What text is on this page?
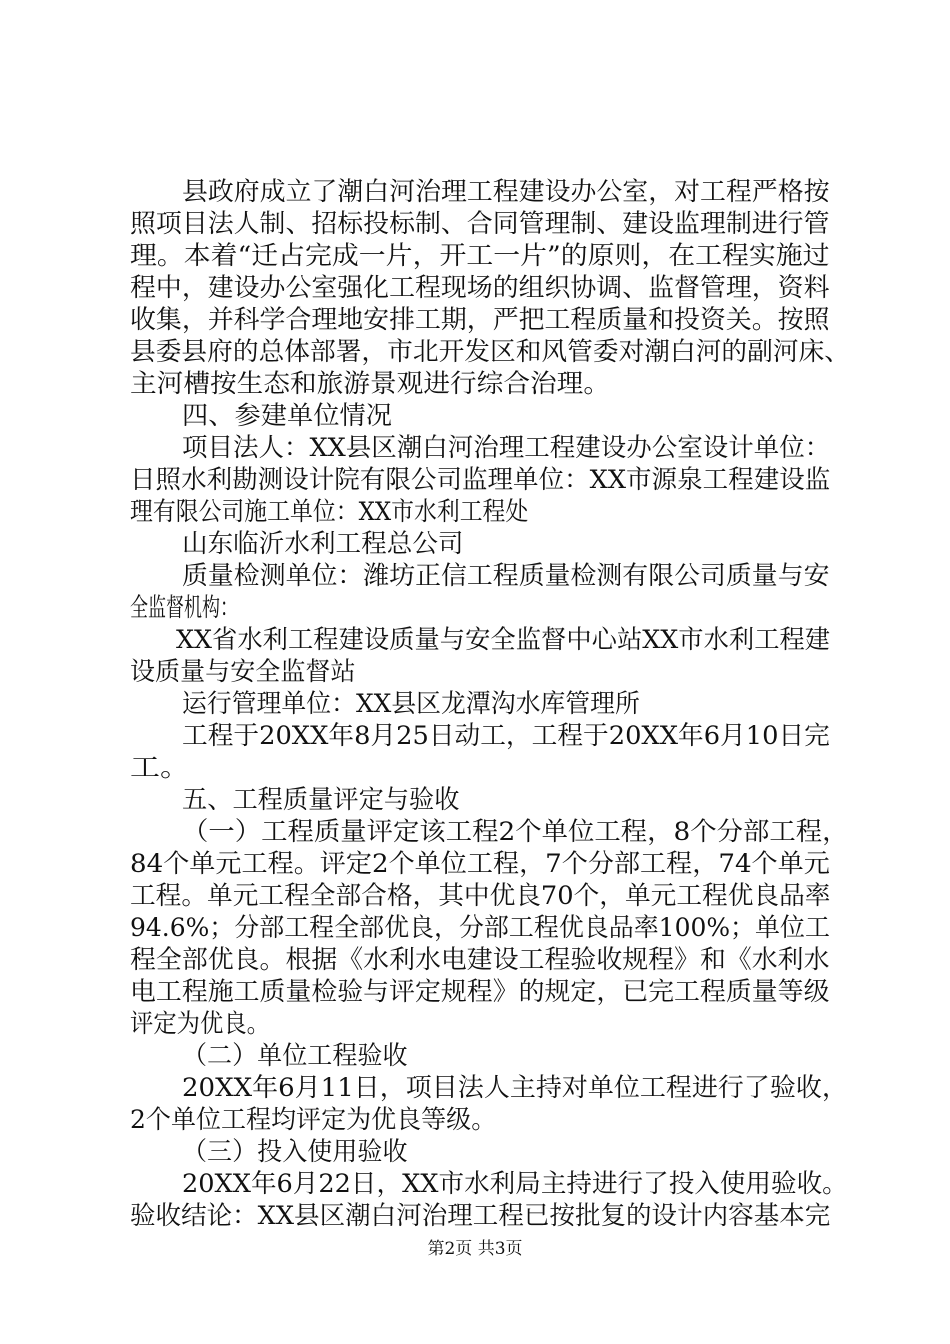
县政府成立了潮白河治理工程建设办公室，对工程严格按
照项目法人制、招标投标制、合同管理制、建设监理制进行管
理。本着“迁占完成一片，开工一片”的原则，在工程实施过
程中，建设办公室强化工程现场的组织协调、监督管理，资料
收集，并科学合理地安排工期，严把工程质量和投资关。按照
县委县府的总体部署，市北开发区和风管委对潮白河的副河床、
主河槽按生态和旅游景观进行综合治理。
四、参建单位情况
项目法人：XX县区潮白河治理工程建设办公室设计单位：
日照水利勘测设计院有限公司监理单位：XX市源泉工程建设监
理有限公司施工单位：XX市水利工程处
山东临沂水利工程总公司
质量检测单位：潍坊正信工程质量检测有限公司质量与安
全监督机构：
XX省水利工程建设质量与安全监督中心站XX市水利工程建
设质量与安全监督站
运行管理单位：XX县区龙潭沟水库管理所
工程于20XX年8月25日动工，工程于20XX年6月10日完
工。
五、工程质量评定与验收
（一）工程质量评定该工程2个单位工程，8个分部工程，
84个单元工程。评定2个单位工程，7个分部工程，74个单元
工程。单元工程全部合格，其中优良70个，单元工程优良品率
94.6%；分部工程全部优良，分部工程优良品率100%；单位工
程全部优良。根据《水利水电建设工程验收规程》和《水利水
电工程施工质量检验与评定规程》的规定，已完工程质量等级
评定为优良。
（二）单位工程验收
20XX年6月11日，项目法人主持对单位工程进行了验收，
2个单位工程均评定为优良等级。
（三）投入使用验收
20XX年6月22日，XX市水利局主持进行了投入使用验收。
验收结论：XX县区潮白河治理工程已按批复的设计内容基本完
第2页 共3页
